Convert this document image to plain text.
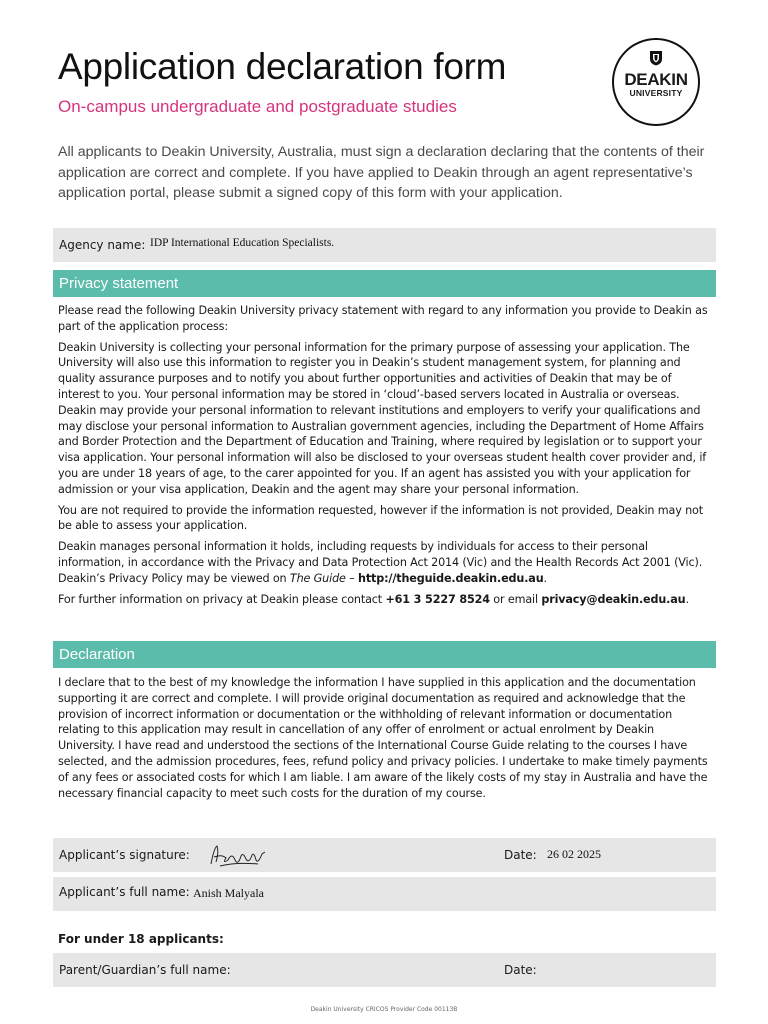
Application declaration form
On-campus undergraduate and postgraduate studies
DEAKIN
UNIVERSITY
All applicants to Deakin University, Australia, must sign a declaration declaring that the contents of their application are correct and complete. If you have applied to Deakin through an agent representative’s application portal, please submit a signed copy of this form with your application.
Agency name: IDP International Education Specialists.
Privacy statement

Please read the following Deakin University privacy statement with regard to any information you provide to Deakin as part of the application process:

Deakin University is collecting your personal information for the primary purpose of assessing your application. The University will also use this information to register you in Deakin’s student management system, for planning and quality assurance purposes and to notify you about further opportunities and activities of Deakin that may be of interest to you. Your personal information may be stored in ‘cloud’-based servers located in Australia or overseas. Deakin may provide your personal information to relevant institutions and employers to verify your qualifications and may disclose your personal information to Australian government agencies, including the Department of Home Affairs and Border Protection and the Department of Education and Training, where required by legislation or to support your visa application. Your personal information will also be disclosed to your overseas student health cover provider and, if you are under 18 years of age, to the carer appointed for you. If an agent has assisted you with your application for admission or your visa application, Deakin and the agent may share your personal information.

You are not required to provide the information requested, however if the information is not provided, Deakin may not be able to assess your application.

Deakin manages personal information it holds, including requests by individuals for access to their personal information, in accordance with the Privacy and Data Protection Act 2014 (Vic) and the Health Records Act 2001 (Vic). Deakin’s Privacy Policy may be viewed on The Guide – http://theguide.deakin.edu.au.

For further information on privacy at Deakin please contact +61 3 5227 8524 or email privacy@deakin.edu.au.

Declaration
I declare that to the best of my knowledge the information I have supplied in this application and the documentation supporting it are correct and complete. I will provide original documentation as required and acknowledge that the provision of incorrect information or documentation or the withholding of relevant information or documentation relating to this application may result in cancellation of any offer of enrolment or actual enrolment by Deakin University. I have read and understood the sections of the International Course Guide relating to the courses I have selected, and the admission procedures, fees, refund policy and privacy policies. I undertake to make timely payments of any fees or associated costs for which I am liable. I am aware of the likely costs of my stay in Australia and have the necessary financial capacity to meet such costs for the duration of my course.
Applicant’s signature:	Date: 26 02 2025
Applicant’s full name: Anish Malyala
For under 18 applicants:
Parent/Guardian’s full name:	Date:
Deakin University CRICOS Provider Code 00113B
